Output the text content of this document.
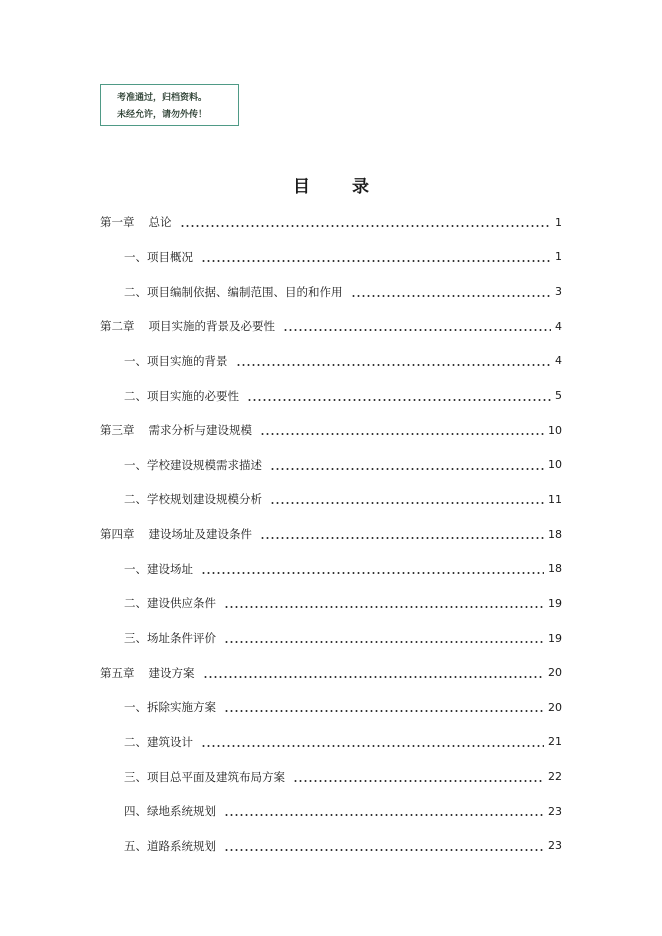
考准通过，归档资料。
未经允许，请勿外传！
目 录
第一章 总论	1
一、项目概况	1
二、项目编制依据、编制范围、目的和作用	3
第二章 项目实施的背景及必要性	4
一、项目实施的背景	4
二、项目实施的必要性	5
第三章 需求分析与建设规模	10
一、学校建设规模需求描述	10
二、学校规划建设规模分析	11
第四章 建设场址及建设条件	18
一、建设场址	18
二、建设供应条件	19
三、场址条件评价	19
第五章 建设方案	20
一、拆除实施方案	20
二、建筑设计	21
三、项目总平面及建筑布局方案	22
四、绿地系统规划	23
五、道路系统规划	23
